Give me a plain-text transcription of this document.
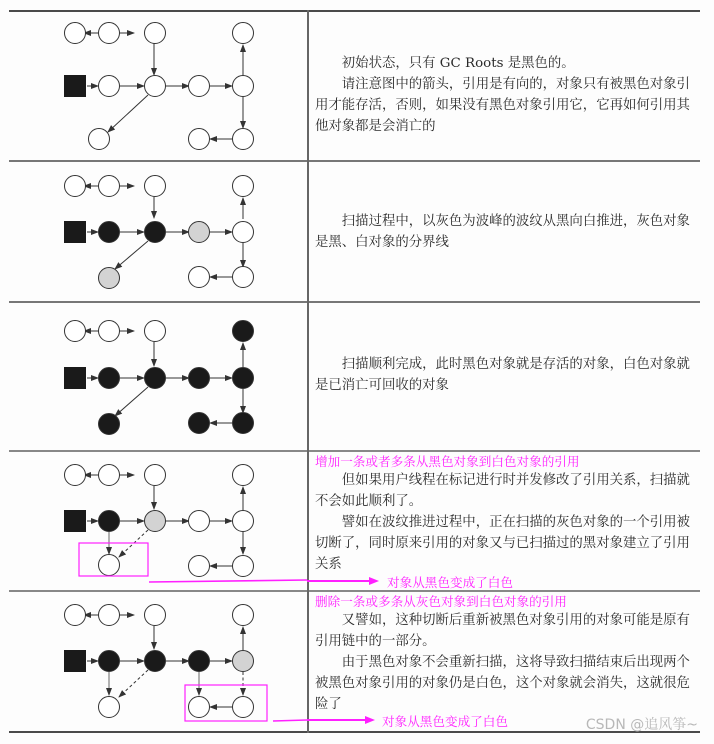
初始状态，只有 GC Roots 是黑色的。

请注意图中的箭头，引用是有向的，对象只有被黑色对象引用才能存活，否则，如果没有黑色对象引用它，它再如何引用其他对象都是会消亡的

扫描过程中，以灰色为波峰的波纹从黑向白推进，灰色对象是黑、白对象的分界线

扫描顺利完成，此时黑色对象就是存活的对象，白色对象就是已消亡可回收的对象

增加一条或者多条从黑色对象到白色对象的引用

但如果用户线程在标记进行时并发修改了引用关系，扫描就不会如此顺利了。

譬如在波纹推进过程中，正在扫描的灰色对象的一个引用被切断了，同时原来引用的对象又与已扫描过的黑对象建立了引用关系

对象从黑色变成了白色

删除一条或多条从灰色对象到白色对象的引用

又譬如，这种切断后重新被黑色对象引用的对象可能是原有引用链中的一部分。

由于黑色对象不会重新扫描，这将导致扫描结束后出现两个被黑色对象引用的对象仍是白色，这个对象就会消失，这就很危险了

对象从黑色变成了白色	CSDN @追风筝~
